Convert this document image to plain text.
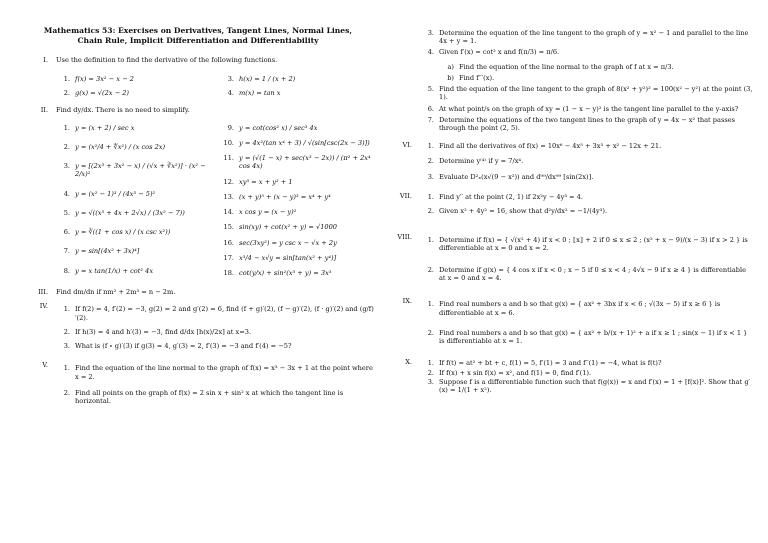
Mathematics 53: Exercises on Derivatives, Tangent Lines, Normal Lines,
Chain Rule, Implicit Differentiation and Differentiability
I.	Use the definition to find the derivative of the following functions.
1. f(x) = 3x² − x − 2	3. h(x) = 1 / (x + 2)
2. g(x) = √(2x − 2)	4. m(x) = tan x
II.	Find dy/dx. There is no need to simplify.
1. y = (x + 2) / sec x
2. y = (x²/4 + ∜x²) / (x cos 2x)
3. y = [(2x³ + 3x² − x) / (√x + ∛x²)] · (x² − 2/x)²
4. y = (x² − 1)³ / (4x³ − 5)²
5. y = √((x³ + 4x + 2√x) / (3x² − 7))
6. y = ∛((1 + cos x) / (x csc x²))
7. y = sin[(4x² + 3x)⁴]
8. y = x tan(1/x) + cot² 4x
9. y = cot(cos² x) / sec³ 4x
10. y = 4x²(tan x⁴ + 3) / √(sin[csc(2x − 3)])
11. y = (√(1 − x) + sec(x³ − 2x)) / (π² + 2x⁴ cos 4x)
12. xy³ = x + y² + 1
13. (x + y)⁵ + (x − y)³ = x⁴ + y⁴
14. x cos y = (x − y)²
15. sin(xy) + cot(x² + y) = √1000
16. sec(3xy²) = y csc x − √x + 2y
17. x³/4 − x√y = sin[tan(x² + y⁴)]
18. cot(y/x) + sin²(x³ + y) = 3x³
III.	Find dm/dn if nm² + 2m³ = n − 2m.
IV.	1. If f(2) = 4, f′(2) = −3, g(2) = 2 and g′(2) = 6, find (f + g)′(2), (f − g)′(2), (f · g)′(2) and (g/f)′(2).
2. If h(3) = 4 and h′(3) = −3, find d/dx [h(x)/2x] at x=3.
3. What is (f ∘ g)′(3) if g(3) = 4, g′(3) = 2, f′(3) = −3 and f′(4) = −5?
V.	1. Find the equation of the line normal to the graph of f(x) = x³ − 3x + 1 at the point where x = 2.
2. Find all points on the graph of f(x) = 2 sin x + sin² x at which the tangent line is horizontal.
3. Determine the equation of the line tangent to the graph of y = x² − 1 and parallel to the line 4x + y = 1.
4. Given f′(x) = cot² x and f(π/3) = π/6.
a) Find the equation of the line normal to the graph of f at x = π/3.
b) Find f′′′(x).
5. Find the equation of the line tangent to the graph of 8(x² + y²)² = 100(x² − y²) at the point (3, 1).
6. At what point/s on the graph of xy = (1 − x − y)² is the tangent line parallel to the y-axis?
7. Determine the equations of the two tangent lines to the graph of y = 4x − x² that passes through the point (2, 5).
VI.	1. Find all the derivatives of f(x) = 10x⁶ − 4x⁵ + 3x³ + x² − 12x + 21.
2. Determine y⁽⁴⁾ if y = 7/x⁴.
3. Evaluate D²ₓ(x√(9 − x²)) and d⁹⁹/dx⁹⁹ [sin(2x)].
VII.	1. Find y′′ at the point (2, 1) if 2x²y − 4y³ = 4.
2. Given x² + 4y² = 16, show that d²y/dx² = −1/(4y³).
VIII.	1. Determine if f(x) = { √(x² + 4) if x < 0 ; ⟦x⟧ + 2 if 0 ≤ x ≤ 2 ; (x² + x − 9)/(x − 3) if x > 2 } is differentiable at x = 0 and x = 2.
2. Determine if g(x) = { 4 cos x if x < 0 ; x − 5 if 0 ≤ x < 4 ; 4√x − 9 if x ≥ 4 } is differentiable at x = 0 and x = 4.
IX.	1. Find real numbers a and b so that g(x) = { ax² + 3bx if x < 6 ; √(3x − 5) if x ≥ 6 } is differentiable at x = 6.
2. Find real numbers a and b so that g(x) = { ax² + b/(x + 1)² + a if x ≥ 1 ; sin(x − 1) if x < 1 } is differentiable at x = 1.
X.	1. If f(t) = at² + bt + c, f(1) = 5, f′(1) = 3 and f′′(1) = −4, what is f(t)?
2. If f(x) + x sin f(x) = x², and f(1) = 0, find f′(1).
3. Suppose f is a differentiable function such that f(g(x)) = x and f′(x) = 1 + [f(x)]². Show that g′(x) = 1/(1 + x²).
